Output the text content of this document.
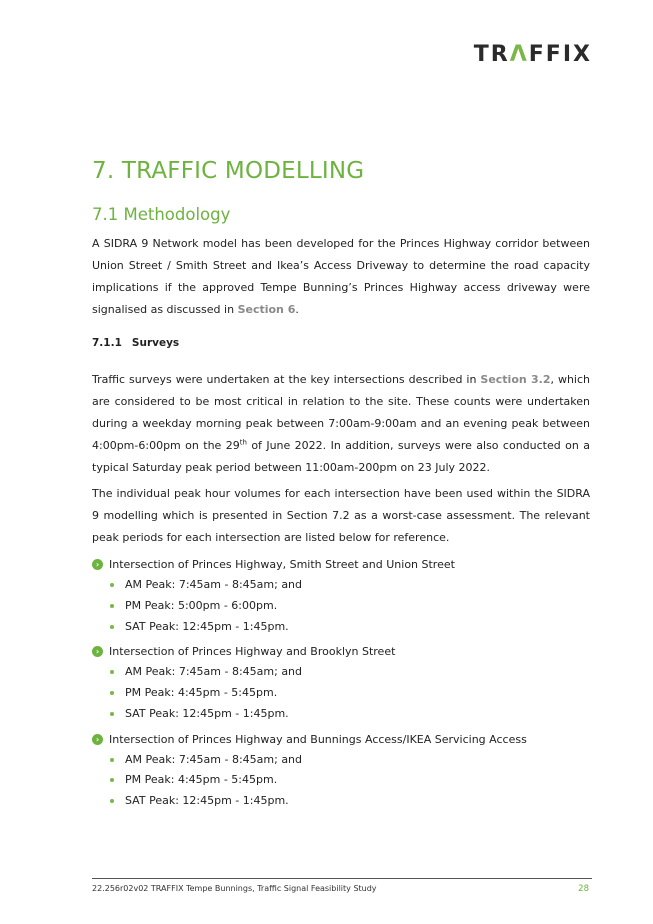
TR Λ FFIX
7. TRAFFIC MODELLING
7.1 Methodology
A SIDRA 9 Network model has been developed for the Princes Highway corridor between Union Street / Smith Street and Ikea’s Access Driveway to determine the road capacity implications if the approved Tempe Bunning’s Princes Highway access driveway were signalised as discussed in Section 6.
7.1.1 Surveys
Traffic surveys were undertaken at the key intersections described in Section 3.2, which are considered to be most critical in relation to the site. These counts were undertaken during a weekday morning peak between 7:00am-9:00am and an evening peak between 4:00pm-6:00pm on the 29th of June 2022. In addition, surveys were also conducted on a typical Saturday peak period between 11:00am-200pm on 23 July 2022.
The individual peak hour volumes for each intersection have been used within the SIDRA 9 modelling which is presented in Section 7.2 as a worst-case assessment. The relevant peak periods for each intersection are listed below for reference.
› Intersection of Princes Highway, Smith Street and Union Street
AM Peak: 7:45am - 8:45am; and
PM Peak: 5:00pm - 6:00pm.
SAT Peak: 12:45pm - 1:45pm.
› Intersection of Princes Highway and Brooklyn Street
AM Peak: 7:45am - 8:45am; and
PM Peak: 4:45pm - 5:45pm.
SAT Peak: 12:45pm - 1:45pm.
› Intersection of Princes Highway and Bunnings Access/IKEA Servicing Access
AM Peak: 7:45am - 8:45am; and
PM Peak: 4:45pm - 5:45pm.
SAT Peak: 12:45pm - 1:45pm.
22.256r02v02 TRAFFIX Tempe Bunnings, Traffic Signal Feasibility Study	28
